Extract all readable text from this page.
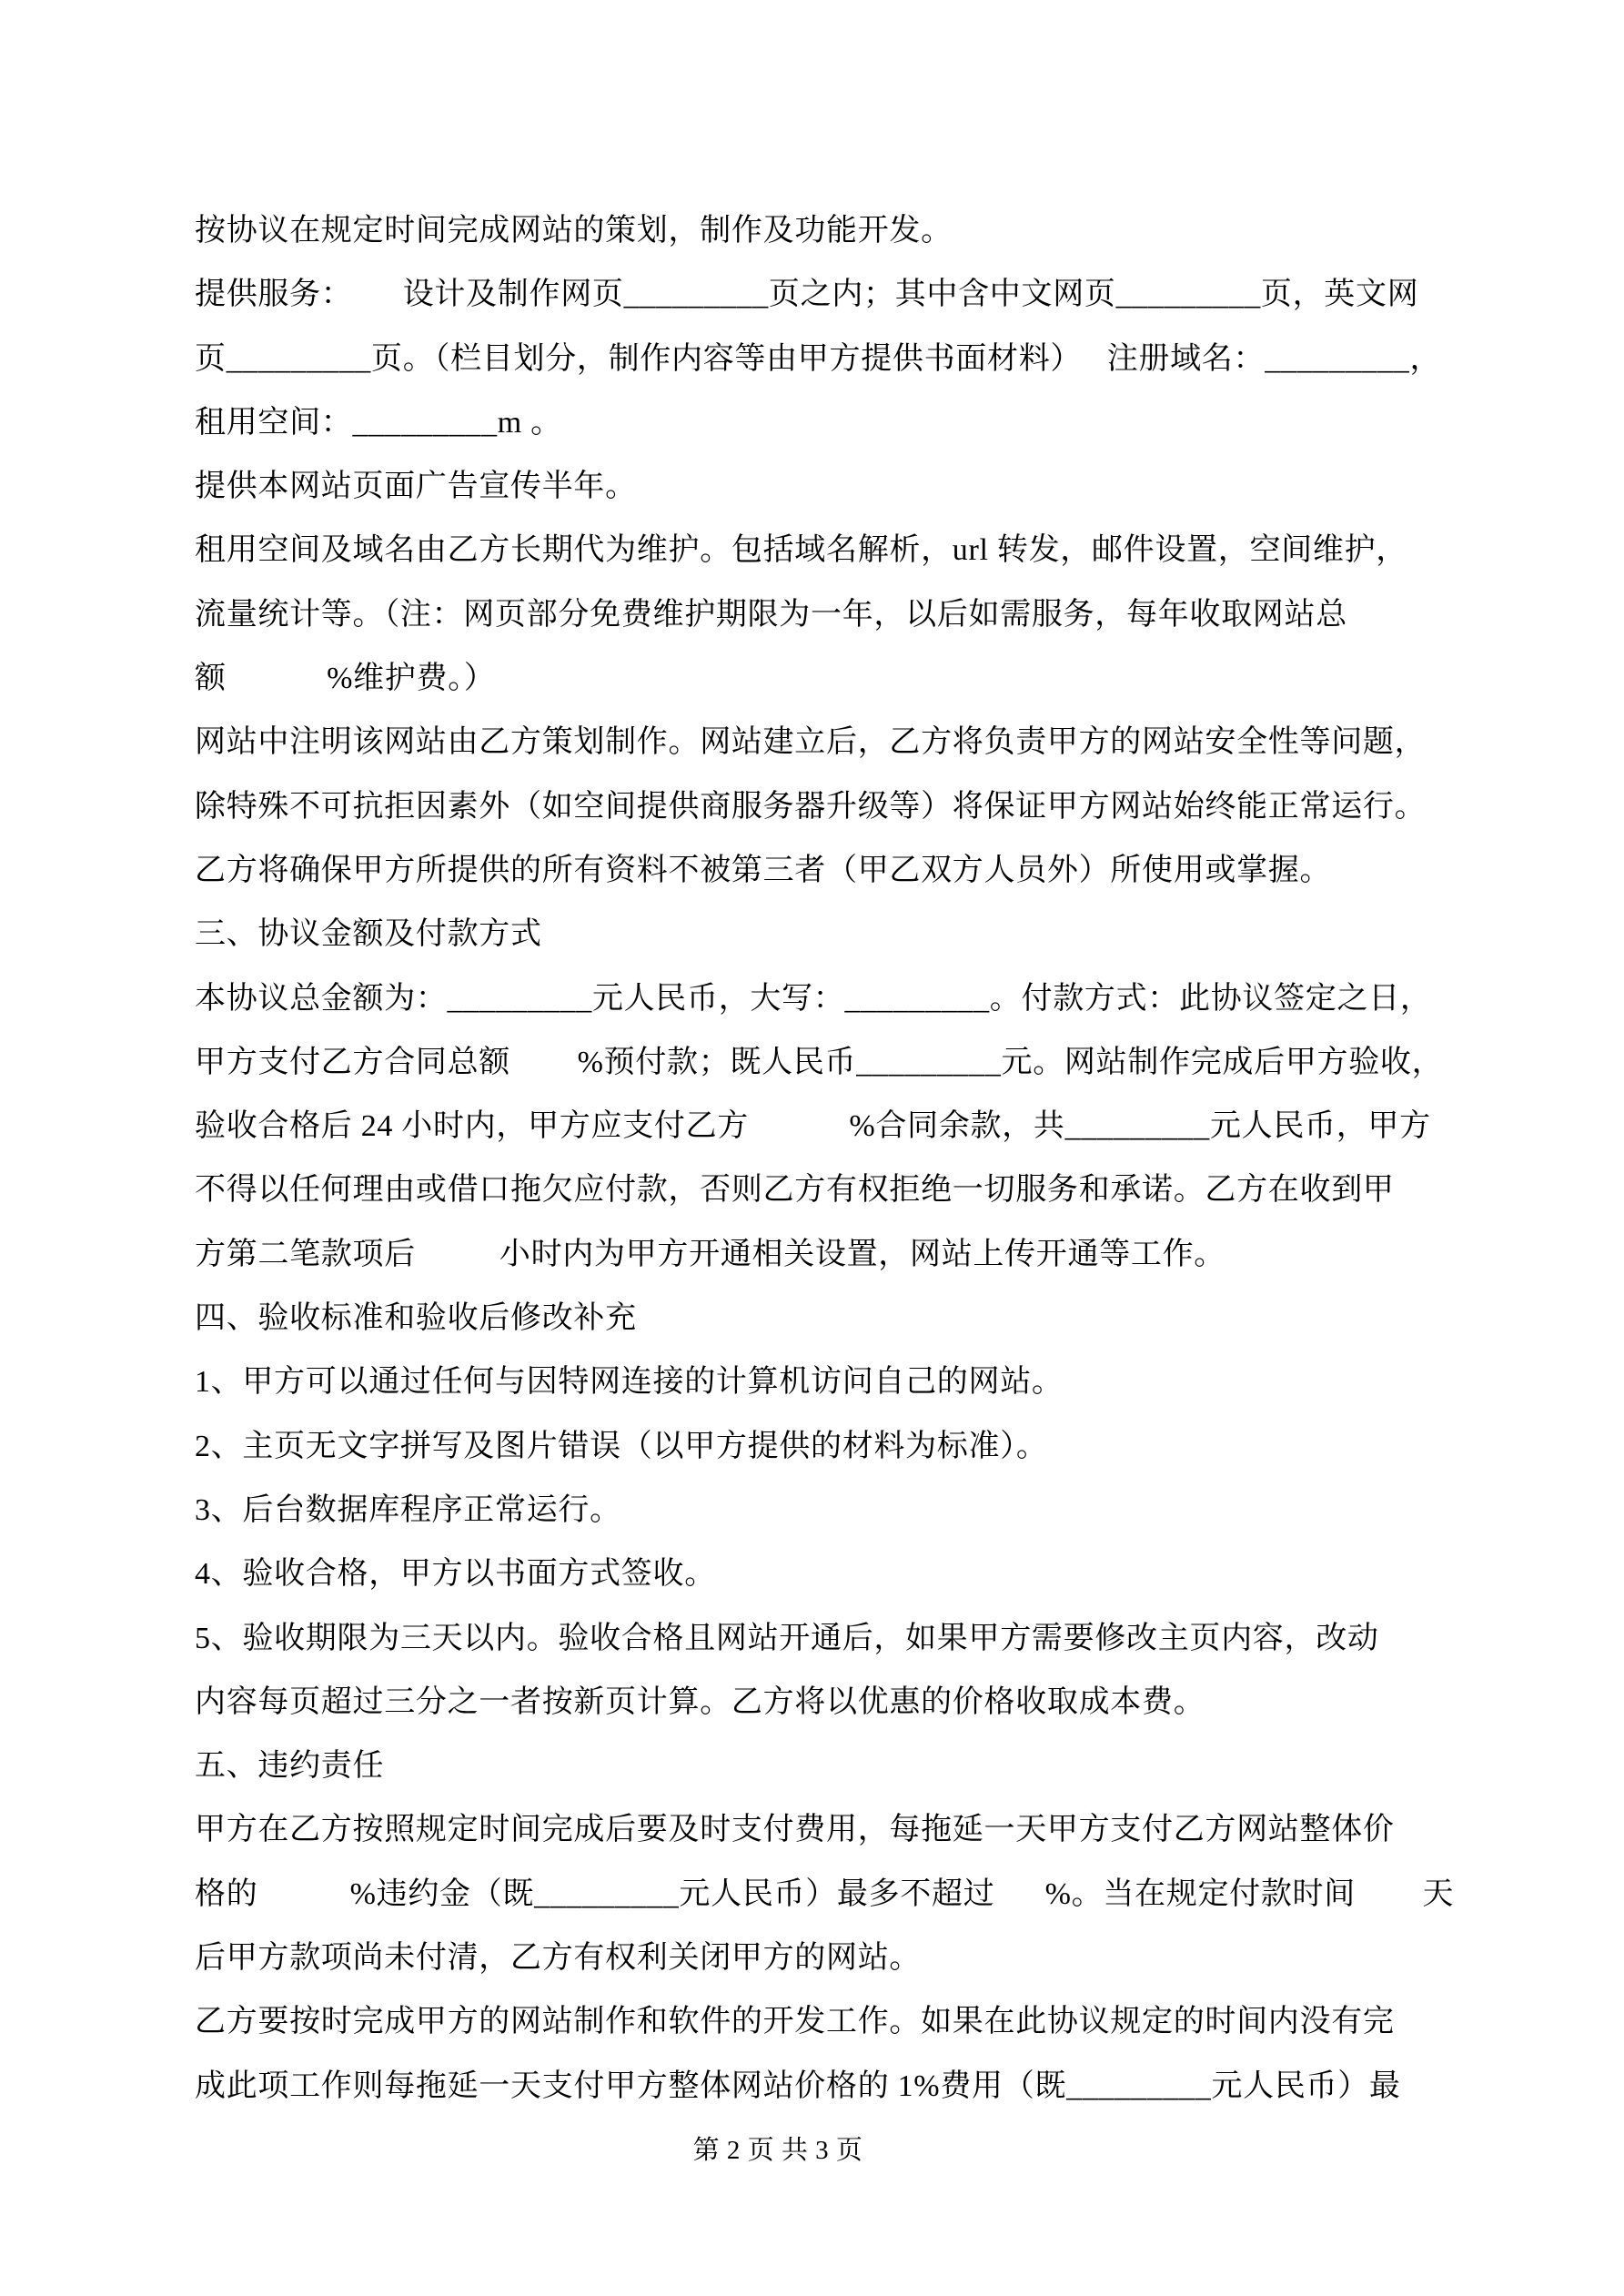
按协议在规定时间完成网站的策划，制作及功能开发。
提供服务：      设计及制作网页_________页之内；其中含中文网页_________页，英文网
页_________页。（栏目划分，制作内容等由甲方提供书面材料）   注册域名：_________，
租用空间：_________m 。
提供本网站页面广告宣传半年。
租用空间及域名由乙方长期代为维护。包括域名解析，url 转发，邮件设置，空间维护，
流量统计等。（注：网页部分免费维护期限为一年，以后如需服务，每年收取网站总
额            %维护费。）
网站中注明该网站由乙方策划制作。网站建立后，乙方将负责甲方的网站安全性等问题，
除特殊不可抗拒因素外（如空间提供商服务器升级等）将保证甲方网站始终能正常运行。
乙方将确保甲方所提供的所有资料不被第三者（甲乙双方人员外）所使用或掌握。
三、协议金额及付款方式
本协议总金额为：_________元人民币，大写：_________。付款方式：此协议签定之日，
甲方支付乙方合同总额        %预付款；既人民币_________元。网站制作完成后甲方验收，
验收合格后 24 小时内，甲方应支付乙方            %合同余款，共_________元人民币，甲方
不得以任何理由或借口拖欠应付款，否则乙方有权拒绝一切服务和承诺。乙方在收到甲
方第二笔款项后          小时内为甲方开通相关设置，网站上传开通等工作。
四、验收标准和验收后修改补充
1、甲方可以通过任何与因特网连接的计算机访问自己的网站。
2、主页无文字拼写及图片错误（以甲方提供的材料为标准）。
3、后台数据库程序正常运行。
4、验收合格，甲方以书面方式签收。
5、验收期限为三天以内。验收合格且网站开通后，如果甲方需要修改主页内容，改动
内容每页超过三分之一者按新页计算。乙方将以优惠的价格收取成本费。
五、违约责任
甲方在乙方按照规定时间完成后要及时支付费用，每拖延一天甲方支付乙方网站整体价
格的           %违约金（既_________元人民币）最多不超过      %。当在规定付款时间        天
后甲方款项尚未付清，乙方有权利关闭甲方的网站。
乙方要按时完成甲方的网站制作和软件的开发工作。如果在此协议规定的时间内没有完
成此项工作则每拖延一天支付甲方整体网站价格的 1%费用（既_________元人民币）最
第 2 页 共 3 页
